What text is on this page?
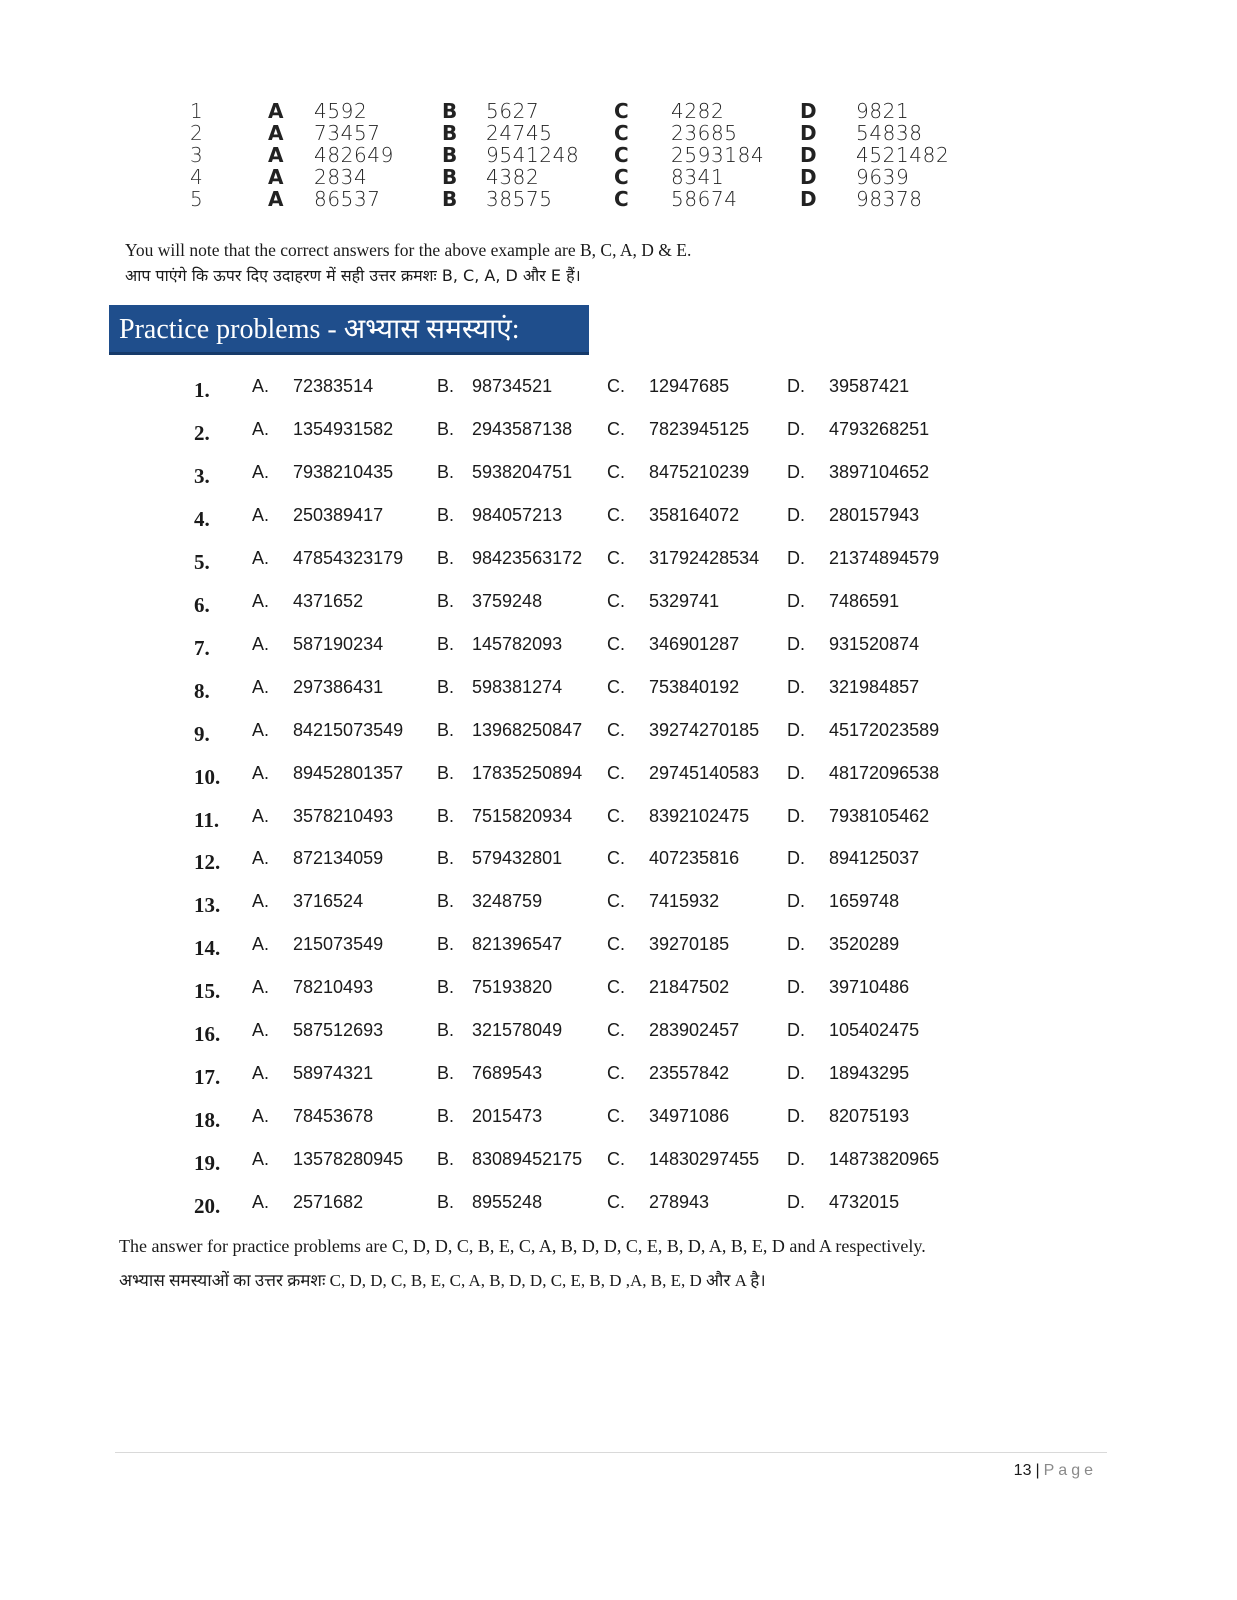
1	A 4592	B 5627	C 4282	D 9821
2	A 73457	B 24745	C 23685	D 54838
3	A 482649 B 9541248 C 2593184 D 4521482
4	A 2834	B 4382	C 8341	D 9639
5	A 86537	B 38575	C 58674	D 98378
You will note that the correct answers for the above example are B, C, A, D & E.
आप पाएंगे कि ऊपर दिए उदाहरण में सही उत्तर क्रमशः B, C, A, D और E हैं।
Practice problems - अभ्यास समस्याएं:
1. A. 72383514	B. 98734521	C. 12947685	D. 39587421
2. A. 1354931582 B. 2943587138 C. 7823945125 D. 4793268251
3. A. 7938210435 B. 5938204751 C. 8475210239 D. 3897104652
4. A. 250389417	B. 984057213 C. 358164072	D. 280157943
5. A. 47854323179 B. 98423563172 C. 31792428534 D. 21374894579
6. A. 4371652	B. 3759248	C. 5329741	D. 7486591
7. A. 587190234	B. 145782093 C. 346901287	D. 931520874
8. A. 297386431	B. 598381274 C. 753840192	D. 321984857
9. A. 84215073549 B. 13968250847 C. 39274270185 D. 45172023589
10. A. 89452801357 B. 17835250894 C. 29745140583 D. 48172096538
11. A. 3578210493 B. 7515820934 C. 8392102475 D. 7938105462
12. A. 872134059	B. 579432801 C. 407235816	D. 894125037
13. A. 3716524	B. 3248759	C. 7415932	D. 1659748
14. A. 215073549	B. 821396547 C. 39270185	D. 3520289
15. A. 78210493	B. 75193820	C. 21847502	D. 39710486
16. A. 587512693	B. 321578049 C. 283902457	D. 105402475
17. A. 58974321	B. 7689543	C. 23557842	D. 18943295
18. A. 78453678	B. 2015473	C. 34971086	D. 82075193
19. A. 13578280945 B. 83089452175 C. 14830297455 D. 14873820965
20. A. 2571682	B. 8955248	C. 278943	D. 4732015
The answer for practice problems are C, D, D, C, B, E, C, A, B, D, D, C, E, B, D, A, B, E, D and A respectively.
अभ्यास समस्याओं का उत्तर क्रमशः C, D, D, C, B, E, C, A, B, D, D, C, E, B, D ,A, B, E, D और A है।
13 | Page
